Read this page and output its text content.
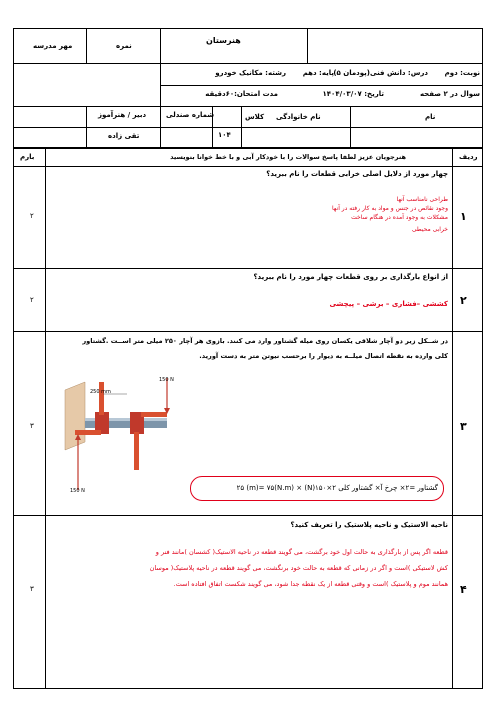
هنرستان
مهر مدرسه	نمره
نوبت: دوم
درس: دانش فنی(پودمان ۵)
پایه: دهم
رشته: مکانیک خودرو
سوال در ۲ صفحه
تاریخ: ۱۴۰۴/۰۳/۰۷
مدت امتحان:۶۰دقیقه
نام
نام خانوادگی
کلاس
شماره صندلی
دبیر / هنرآموز
۱۰۴
تقی زاده
ردیف
هنرجویان عزیز لطفا پاسخ سوالات را با خودکار آبی و با خط خوانا بنویسید
بارم
۱
۲
چهار مورد از دلایل اصلی خرابی قطعات را نام ببرید؟
طراحی نامناسب آنها
وجود نقائص در جنس و مواد به کار رفته در آنها
مشکلات به وجود آمده در هنگام ساخت
خرابی محیطی
۲
۲
از انواع بارگذاری بر روی قطعات چهار مورد را نام ببرید؟
کششی –فشاری – برشی – پیچشی
۳
۳
در شــکل زیر دو آچار شلاقی یکسان روی میله گشتاور وارد می کنند. بازوی هر آچار ۲۵۰ میلی متر اســت .گشتاور
کلی وارده به نقطه اتصال میلــه به دیوار را برحسب نیوتن متر به دست آورید.
150 N
250 mm
150 N	گشتاور =۲× چرخ آ× گشتاور کلی ۲×۱۵۰(N) × ۲۵ (m)= ۷۵(N.m)
۴
۳
ناحیه الاستیک و ناحیه پلاستیک را تعریف کنید؟
قطعه اگر پس از بارگذاری به حالت اول خود برگشت، می گویند قطعه در ناحیه الاستیک( کشسان )مانند فنر و
کش لاستیکی )است و اگر در زمانی که قطعه به حالت خود برنگشت، می گویند قطعه در ناحیه پلاستیک( موسان
همانند موم و پلاستیک )است و وقتی قطعه از یک نقطه جدا شود، می گویند شکست اتفاق افتاده است.
